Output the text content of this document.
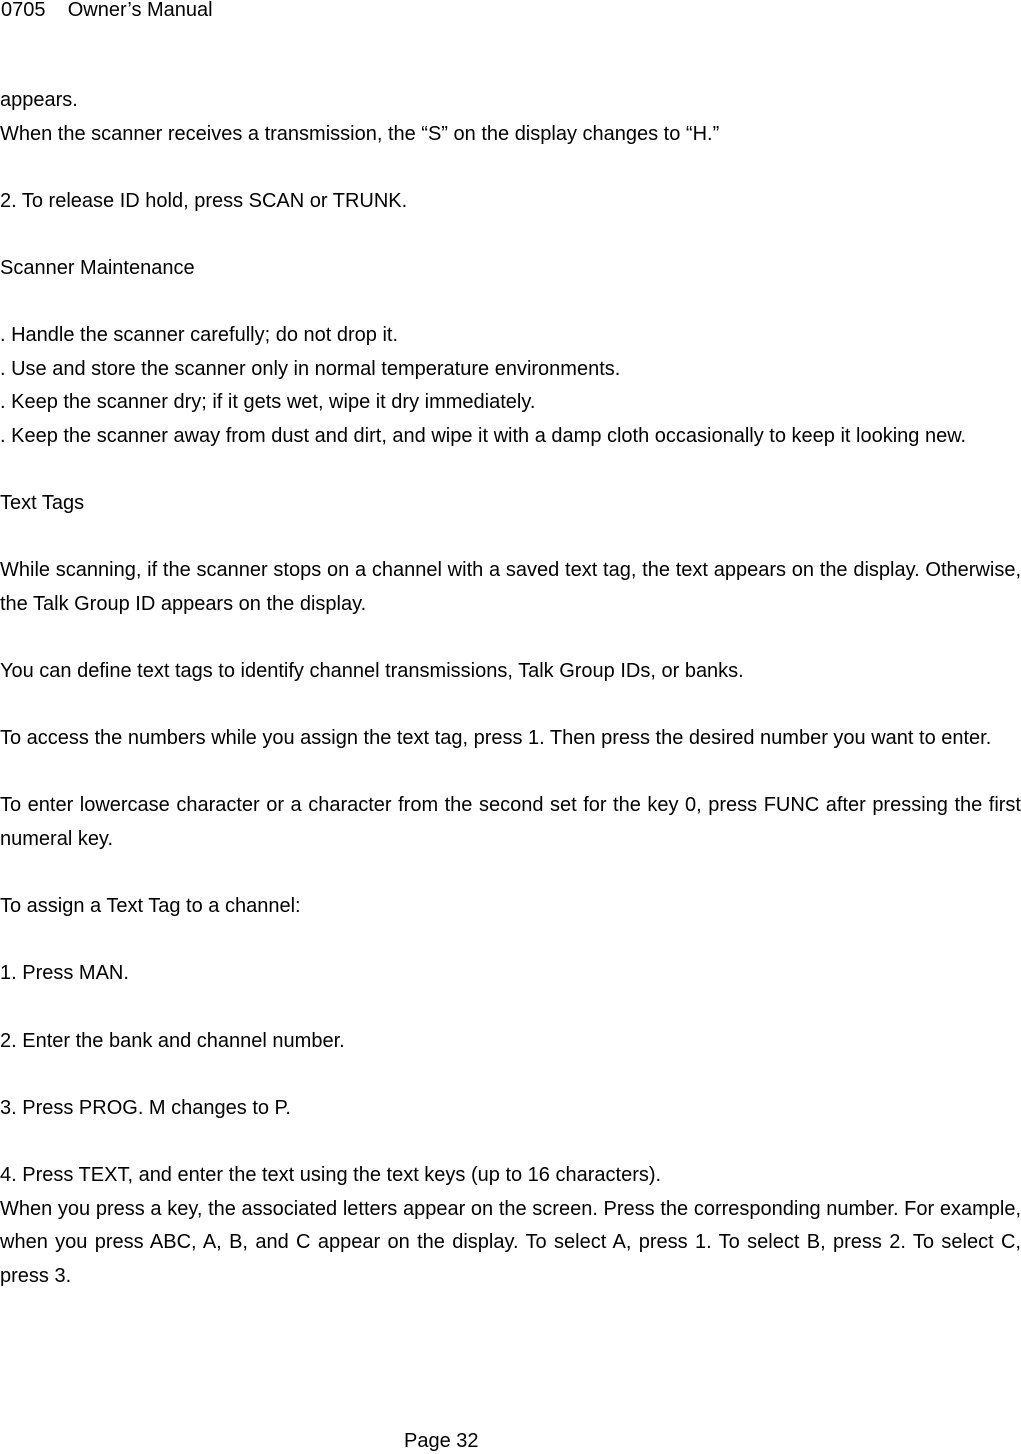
0705 Owner’s Manual

appears.

When the scanner receives a transmission, the “S” on the display changes to “H.”

2. To release ID hold, press SCAN or TRUNK.

Scanner Maintenance

. Handle the scanner carefully; do not drop it.

. Use and store the scanner only in normal temperature environments.

. Keep the scanner dry; if it gets wet, wipe it dry immediately.

. Keep the scanner away from dust and dirt, and wipe it with a damp cloth occasionally to keep it looking new.

Text Tags

While scanning, if the scanner stops on a channel with a saved text tag, the text appears on the display. Otherwise, the Talk Group ID appears on the display.

You can define text tags to identify channel transmissions, Talk Group IDs, or banks.

To access the numbers while you assign the text tag, press 1. Then press the desired number you want to enter.

To enter lowercase character or a character from the second set for the key 0, press FUNC after pressing the first numeral key.

To assign a Text Tag to a channel:

1. Press MAN.

2. Enter the bank and channel number.

3. Press PROG. M changes to P.

4. Press TEXT, and enter the text using the text keys (up to 16 characters).

When you press a key, the associated letters appear on the screen. Press the corresponding number. For example, when you press ABC, A, B, and C appear on the display. To select A, press 1. To select B, press 2. To select C, press 3.

Page 32
